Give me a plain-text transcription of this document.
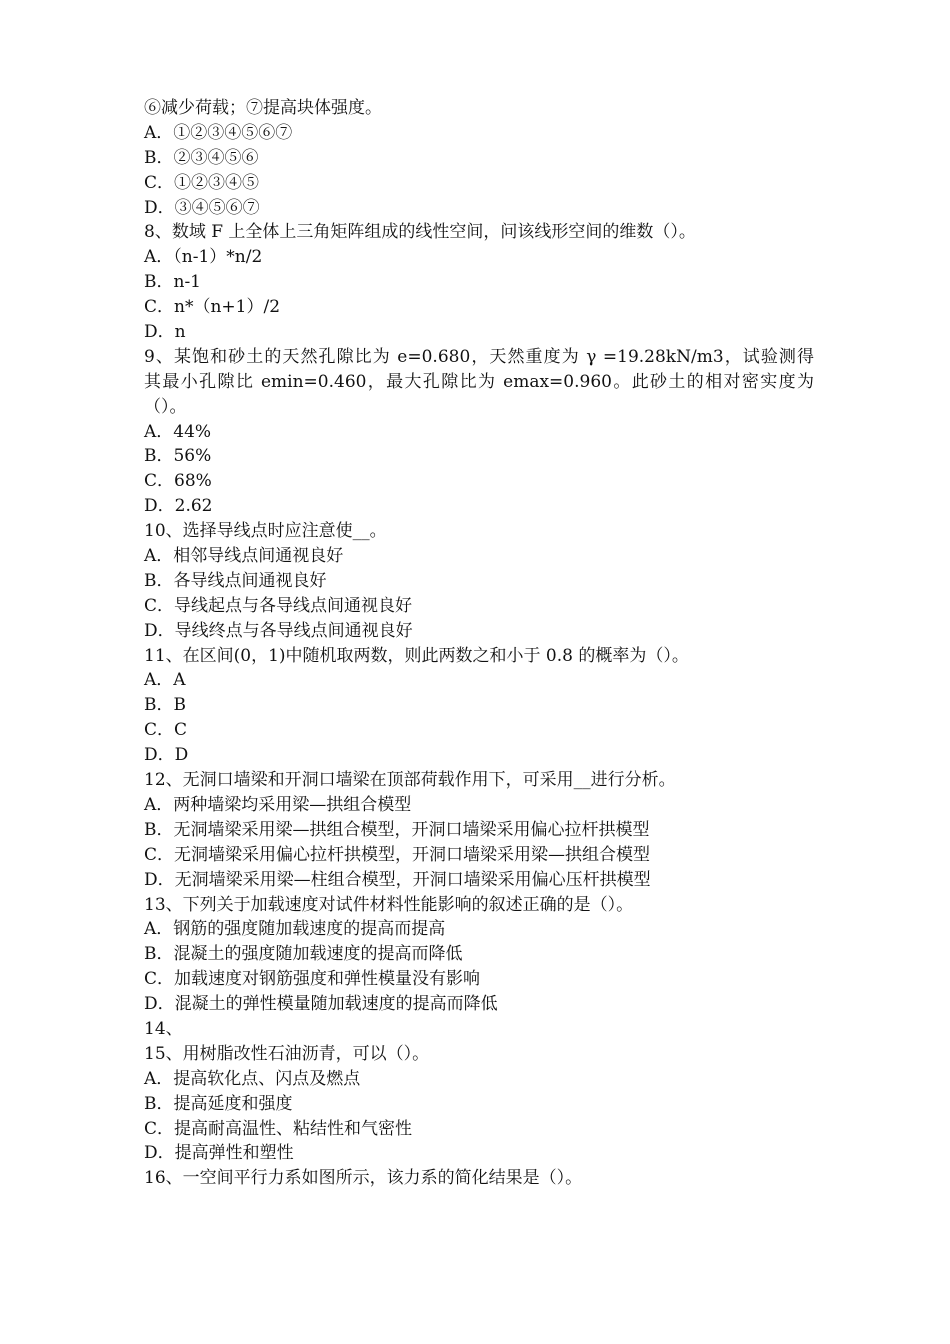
⑥减少荷载；⑦提高块体强度。
A．①②③④⑤⑥⑦
B．②③④⑤⑥
C．①②③④⑤
D．③④⑤⑥⑦
8、数域 F 上全体上三角矩阵组成的线性空间，问该线形空间的维数（）。
A．（n-1）*n/2
B．n-1
C．n*（n+1）/2
D．n
9、某饱和砂土的天然孔隙比为 e=0.680，天然重度为 γ =19.28kN/m3，试验测得
其最小孔隙比 emin=0.460，最大孔隙比为 emax=0.960。此砂土的相对密实度为
（）。
A．44%
B．56%
C．68%
D．2.62
10、选择导线点时应注意使__。
A．相邻导线点间通视良好
B．各导线点间通视良好
C．导线起点与各导线点间通视良好
D．导线终点与各导线点间通视良好
11、在区间(0，1)中随机取两数，则此两数之和小于 0.8 的概率为（）。
A．A
B．B
C．C
D．D
12、无洞口墙梁和开洞口墙梁在顶部荷载作用下，可采用__进行分析。
A．两种墙梁均采用梁—拱组合模型
B．无洞墙梁采用梁—拱组合模型，开洞口墙梁采用偏心拉杆拱模型
C．无洞墙梁采用偏心拉杆拱模型，开洞口墙梁采用梁—拱组合模型
D．无洞墙梁采用梁—柱组合模型，开洞口墙梁采用偏心压杆拱模型
13、下列关于加载速度对试件材料性能影响的叙述正确的是（）。
A．钢筋的强度随加载速度的提高而提高
B．混凝土的强度随加载速度的提高而降低
C．加载速度对钢筋强度和弹性模量没有影响
D．混凝土的弹性模量随加载速度的提高而降低
14、
15、用树脂改性石油沥青，可以（）。
A．提高软化点、闪点及燃点
B．提高延度和强度
C．提高耐高温性、粘结性和气密性
D．提高弹性和塑性
16、一空间平行力系如图所示，该力系的简化结果是（）。
